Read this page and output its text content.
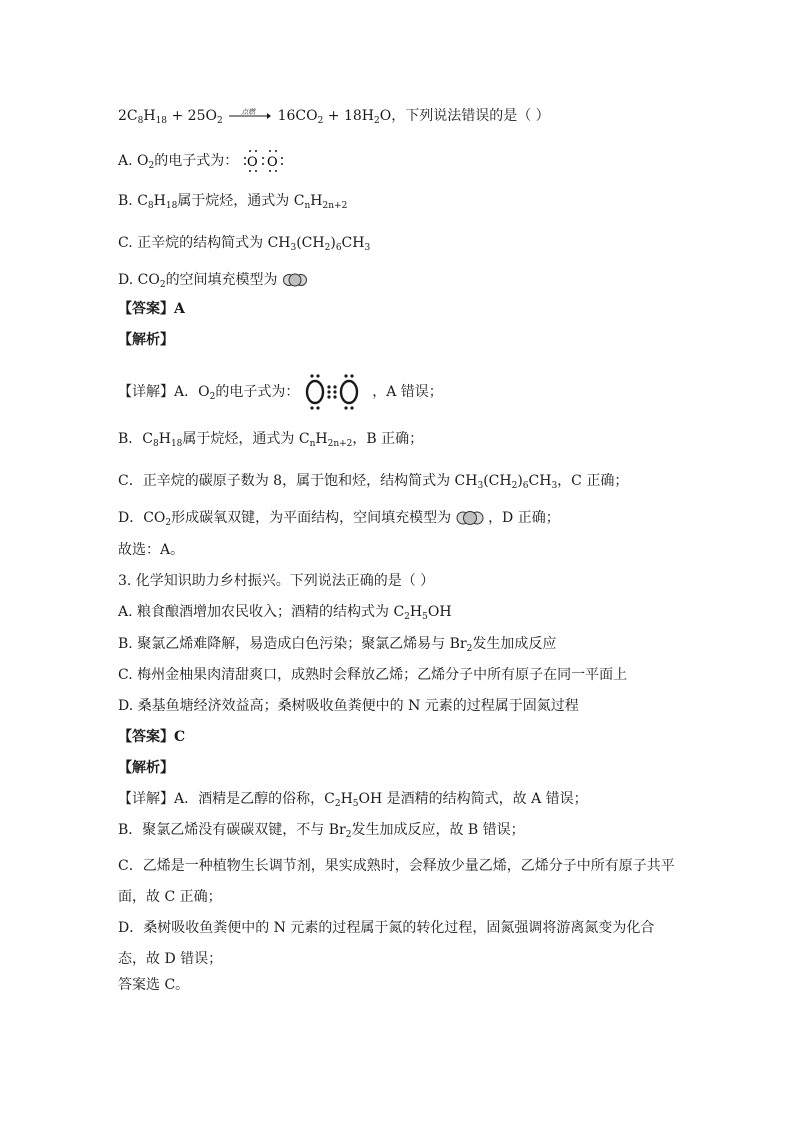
$2C_8H_{18} + 25O_2$
点燃 $16CO_2 + 18H_2O$，下列说法错误的是（ ）
A. $O_2$的电子式为： O O
B. $C_8H_{18}$属于烷烃，通式为 $C_nH_{2n+2}$
C. 正辛烷的结构简式为 $CH_3(CH_2)_6CH_3$
D. $CO_2$的空间填充模型为
【答案】A
【解析】
【详解】A．$O_2$的电子式为：	，A 错误；
B．$C_8H_{18}$属于烷烃，通式为 $C_nH_{2n+2}$，B 正确；
C．正辛烷的碳原子数为 8，属于饱和烃，结构简式为 $CH_3(CH_2)_6CH_3$，C 正确；
D．$CO_2$形成碳氧双键，为平面结构，空间填充模型为	，D 正确；
故选：A。
3. 化学知识助力乡村振兴。下列说法正确的是（ ）
A. 粮食酿酒增加农民收入；酒精的结构式为 $C_2H_5OH$
B. 聚氯乙烯难降解，易造成白色污染；聚氯乙烯易与 $Br_2$发生加成反应
C. 梅州金柚果肉清甜爽口，成熟时会释放乙烯；乙烯分子中所有原子在同一平面上
D. 桑基鱼塘经济效益高；桑树吸收鱼粪便中的 N 元素的过程属于固氮过程
【答案】C
【解析】
【详解】A．酒精是乙醇的俗称，$C_2H_5OH$ 是酒精的结构简式，故 A 错误；
B．聚氯乙烯没有碳碳双键，不与 $Br_2$发生加成反应，故 B 错误；
C．乙烯是一种植物生长调节剂，果实成熟时，会释放少量乙烯，乙烯分子中所有原子共平面，故 C 正确；
D．桑树吸收鱼粪便中的 N 元素的过程属于氮的转化过程，固氮强调将游离氮变为化合态，故 D 错误；
答案选 C。
